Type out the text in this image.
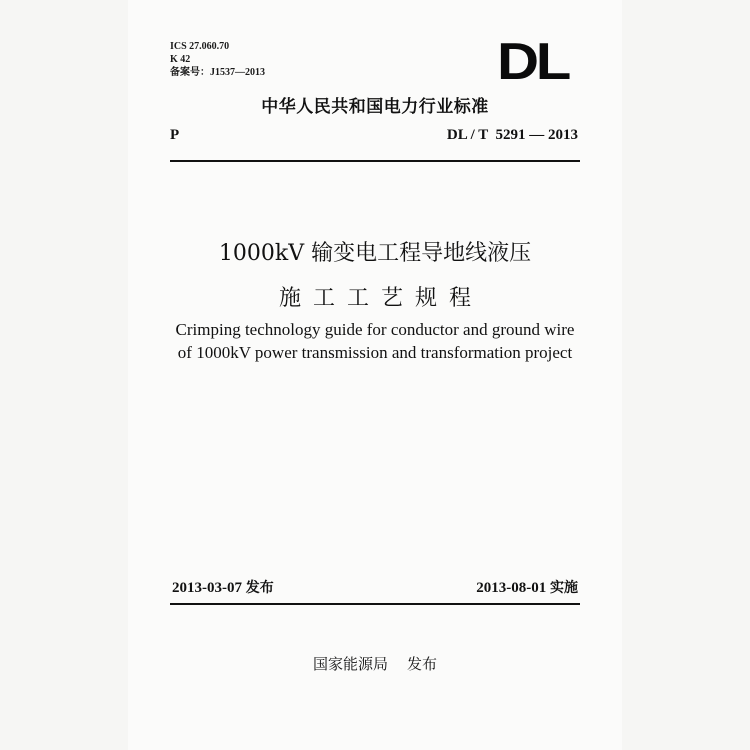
ICS 27.060.70
K 42
备案号：J1537—2013	DL
中华人民共和国电力行业标准
P	DL / T  5291 — 2013
1000kV 输变电工程导地线液压
施工工艺规程
Crimping technology guide for conductor and ground wire
of 1000kV power transmission and transformation project
2013-03-07 发布	2013-08-01 实施
国家能源局    发布
